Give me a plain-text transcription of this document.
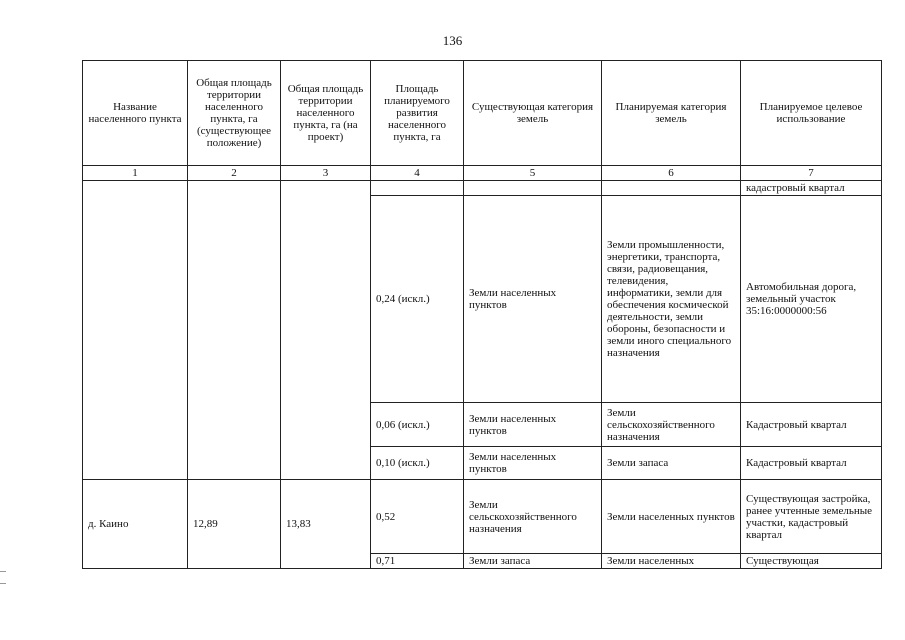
136
Название населенного пункта	Общая площадь территории населенного пункта, га (существующее положение)	Общая площадь территории населенного пункта, га (на проект)	Площадь планируемого развития населенного пункта, га	Существующая категория земель	Планируемая категория земель	Планируемое целевое использование
1	2	3	4	5	6	7
						кадастровый квартал
			0,24 (искл.)	Земли населенных пунктов	Земли промышленности, энергетики, транспорта, связи, радиовещания, телевидения, информатики, земли для обеспечения космической деятельности, земли обороны, безопасности и земли иного специального назначения	Автомобильная дорога, земельный участок 35:16:0000000:56
			0,06 (искл.)	Земли населенных пунктов	Земли сельскохозяйственного назначения	Кадастровый квартал
			0,10 (искл.)	Земли населенных пунктов	Земли запаса	Кадастровый квартал
д. Каино	12,89	13,83	0,52	Земли сельскохозяйственного назначения	Земли населенных пунктов	Существующая застройка, ранее учтенные земельные участки, кадастровый квартал
			0,71	Земли запаса	Земли населенных	Существующая
